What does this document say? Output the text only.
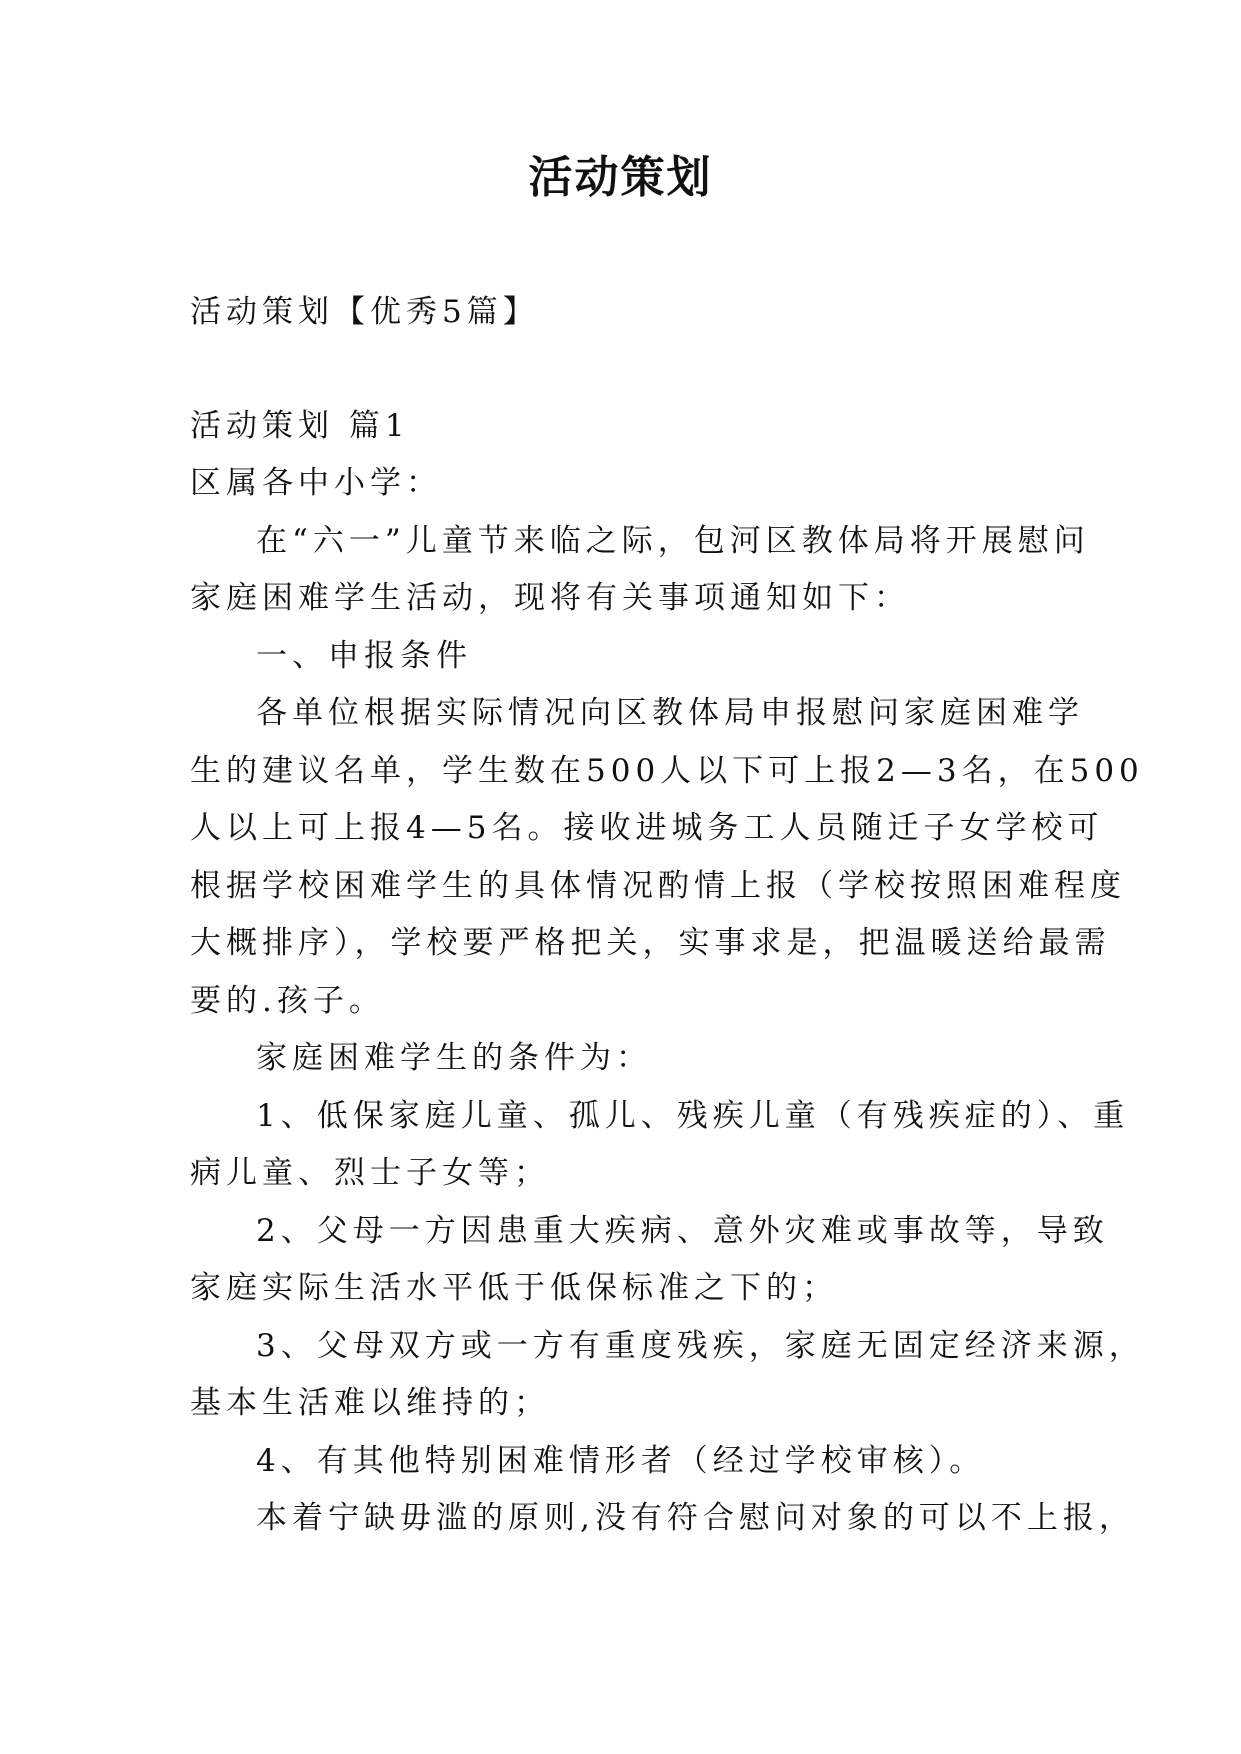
活动策划
活动策划【优秀5篇】
活动策划 篇1
区属各中小学：
在“六一”儿童节来临之际，包河区教体局将开展慰问
家庭困难学生活动，现将有关事项通知如下：
一、申报条件
各单位根据实际情况向区教体局申报慰问家庭困难学
生的建议名单，学生数在500人以下可上报2—3名，在500
人以上可上报4—5名。接收进城务工人员随迁子女学校可
根据学校困难学生的具体情况酌情上报（学校按照困难程度
大概排序），学校要严格把关，实事求是，把温暖送给最需
要的.孩子。
家庭困难学生的条件为：
1、低保家庭儿童、孤儿、残疾儿童（有残疾症的）、重
病儿童、烈士子女等；
2、父母一方因患重大疾病、意外灾难或事故等，导致
家庭实际生活水平低于低保标准之下的；
3、父母双方或一方有重度残疾，家庭无固定经济来源，
基本生活难以维持的；
4、有其他特别困难情形者（经过学校审核）。
本着宁缺毋滥的原则,没有符合慰问对象的可以不上报，
